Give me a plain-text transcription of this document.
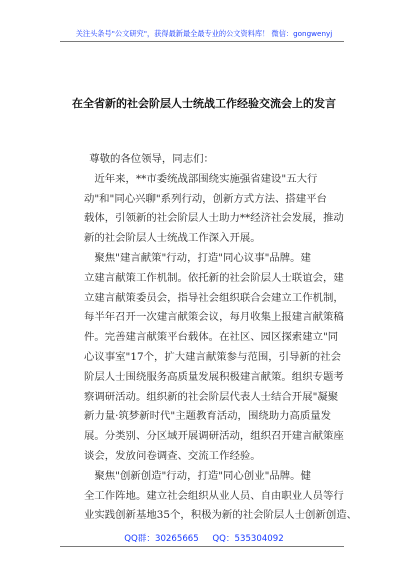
关注头条号"公文研究"，获得最新最全最专业的公文资料库！ 微信：gongwenyj
在全省新的社会阶层人士统战工作经验交流会上的发言

尊敬的各位领导，同志们：

近年来，**市委统战部围绕实施强省建设"五大行

动"和"同心兴聊"系列行动，创新方式方法、搭建平台

载体，引领新的社会阶层人士助力**经济社会发展，推动

新的社会阶层人士统战工作深入开展。

聚焦"建言献策"行动，打造"同心议事"品牌。建

立建言献策工作机制。依托新的社会阶层人士联谊会，建

立建言献策委员会，指导社会组织联合会建立工作机制，

每半年召开一次建言献策会议，每月收集上报建言献策稿

件。完善建言献策平台载体。在社区、园区探索建立"同

心议事室"17个，扩大建言献策参与范围，引导新的社会

阶层人士围绕服务高质量发展积极建言献策。组织专题考

察调研活动。组织新的社会阶层代表人士结合开展"凝聚

新力量·筑梦新时代"主题教育活动，围绕助力高质量发

展。分类别、分区域开展调研活动，组织召开建言献策座

谈会，发放问卷调查、交流工作经验。

聚焦"创新创造"行动，打造"同心创业"品牌。健

全工作阵地。建立社会组织从业人员、自由职业人员等行

业实践创新基地35个，积极为新的社会阶层人士创新创造、

QQ群：30265665     QQ：535304092
